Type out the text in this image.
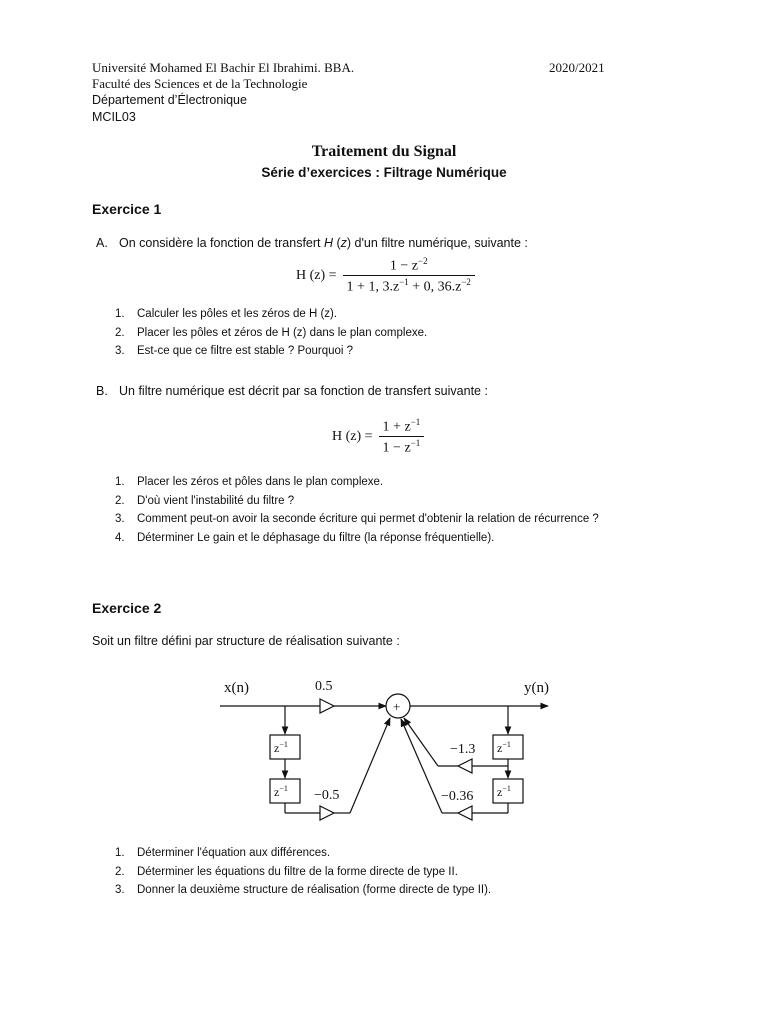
Université Mohamed El Bachir El Ibrahimi. BBA.	2020/2021
Faculté des Sciences et de la Technologie
Département d’Électronique
MCIL03
Traitement du Signal
Série d’exercices : Filtrage Numérique
Exercice 1
A. On considère la fonction de transfert H (z) d'un filtre numérique, suivante :
H $(z) = \frac{1 - z^{-2}}{1 + 1, 3.z^{-1} + 0, 36.z^{-2}}$
1.	Calculer les pôles et les zéros de H (z).
2.	Placer les pôles et zéros de H (z) dans le plan complexe.
3.	Est-ce que ce filtre est stable ? Pourquoi ?
B. Un filtre numérique est décrit par sa fonction de transfert suivante :
H $(z) = \frac{1 + z^{-1}}{1 - z^{-1}}$
1.	Placer les zéros et pôles dans le plan complexe.
2.	D'où vient l'instabilité du filtre ?
3.	Comment peut-on avoir la seconde écriture qui permet d'obtenir la relation de récurrence ?
4.	Déterminer Le gain et le déphasage du filtre (la réponse fréquentielle).
Exercice 2
Soit un filtre défini par structure de réalisation suivante :
x(n)	y(n)
0.5
−0.5
−1.3
−0.36
+
$z^{-1}$
$z^{-1}$
$z^{-1}$
$z^{-1}$
1.	Déterminer l'équation aux différences.
2.	Déterminer les équations du filtre de la forme directe de type II.
3.	Donner la deuxième structure de réalisation (forme directe de type II).
